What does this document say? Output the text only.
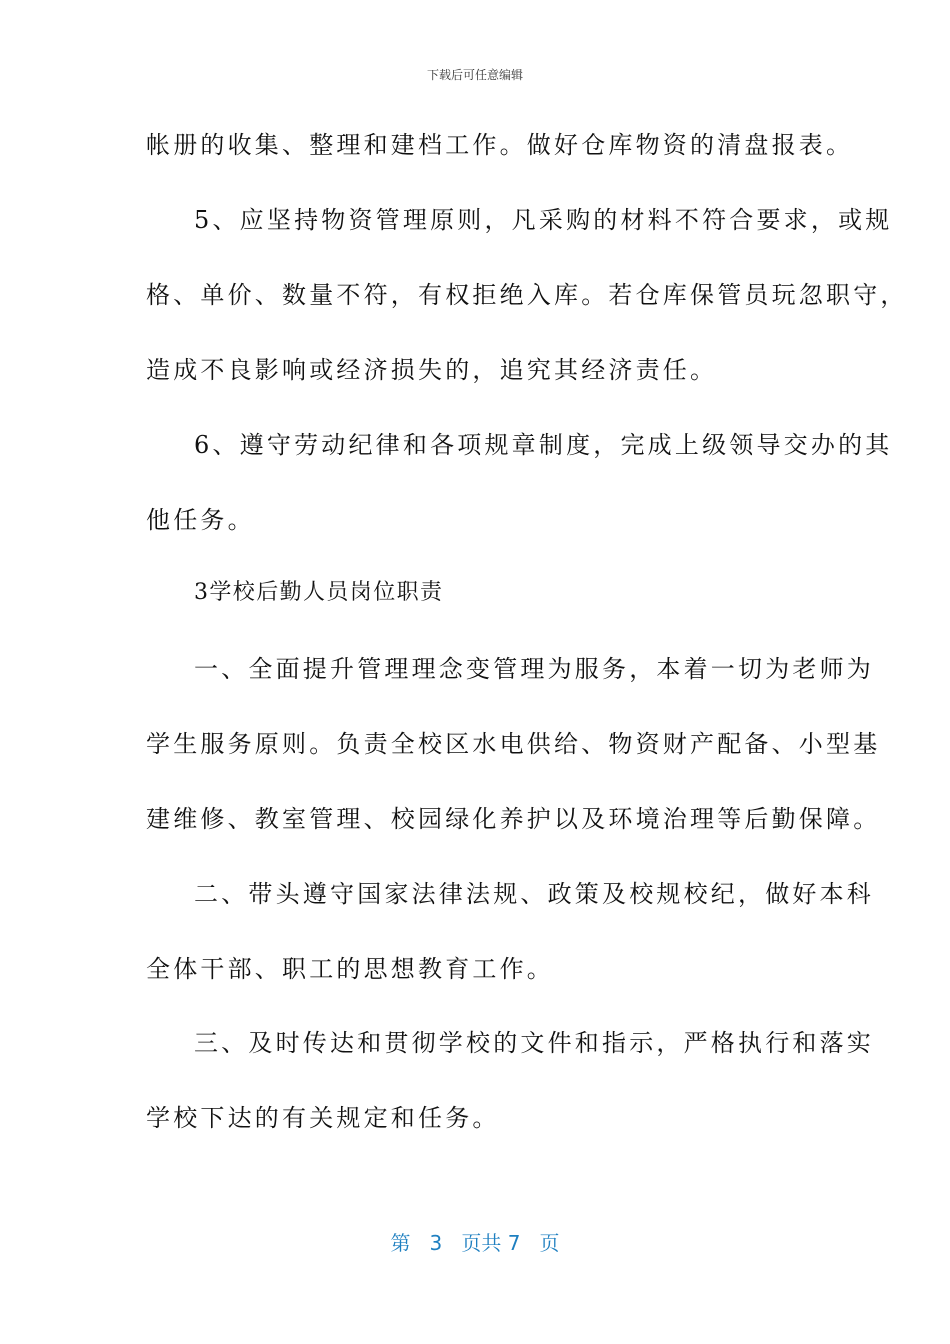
下载后可任意编辑
帐册的收集、整理和建档工作。做好仓库物资的清盘报表。
5、应坚持物资管理原则，凡采购的材料不符合要求，或规
格、单价、数量不符，有权拒绝入库。若仓库保管员玩忽职守，
造成不良影响或经济损失的，追究其经济责任。
6、遵守劳动纪律和各项规章制度，完成上级领导交办的其
他任务。
3学校后勤人员岗位职责
一、全面提升管理理念变管理为服务，本着一切为老师为
学生服务原则。负责全校区水电供给、物资财产配备、小型基
建维修、教室管理、校园绿化养护以及环境治理等后勤保障。
二、带头遵守国家法律法规、政策及校规校纪，做好本科
全体干部、职工的思想教育工作。
三、及时传达和贯彻学校的文件和指示，严格执行和落实
学校下达的有关规定和任务。
第 3 页共 7 页
